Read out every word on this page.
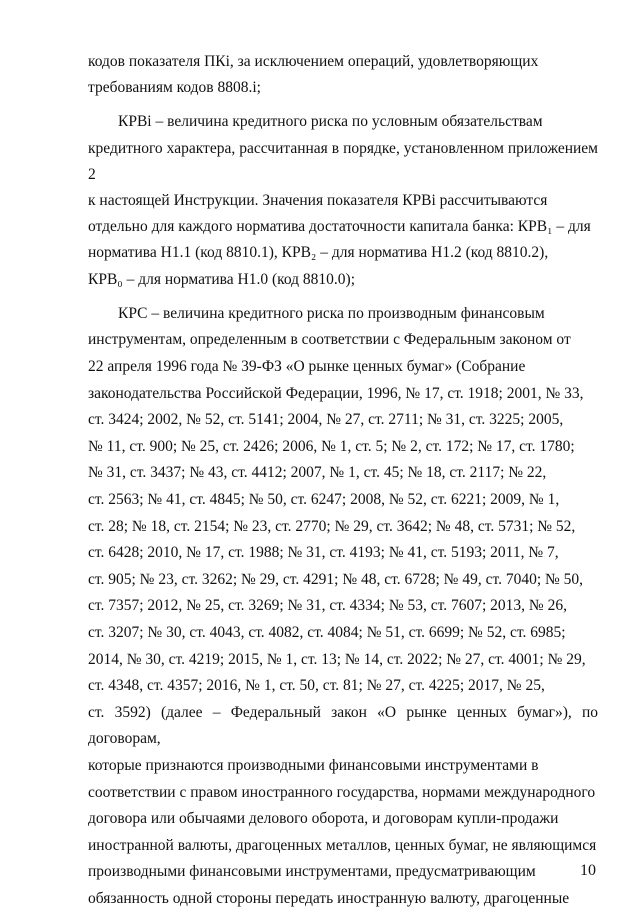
кодов показателя ПКi, за исключением операций, удовлетворяющих
требованиям кодов 8808.i;

КРВi – величина кредитного риска по условным обязательствам
кредитного характера, рассчитанная в порядке, установленном приложением 2
к настоящей Инструкции. Значения показателя КРВi рассчитываются
отдельно для каждого норматива достаточности капитала банка: КРВ₁ – для
норматива Н1.1 (код 8810.1), КРВ₂ – для норматива Н1.2 (код 8810.2),
КРВ₀ – для норматива Н1.0 (код 8810.0);

КРС – величина кредитного риска по производным финансовым
инструментам, определенным в соответствии с Федеральным законом от
22 апреля 1996 года № 39-ФЗ «О рынке ценных бумаг» (Собрание
законодательства Российской Федерации, 1996, № 17, ст. 1918; 2001, № 33,
ст. 3424; 2002, № 52, ст. 5141; 2004, № 27, ст. 2711; № 31, ст. 3225; 2005,
№ 11, ст. 900; № 25, ст. 2426; 2006, № 1, ст. 5; № 2, ст. 172; № 17, ст. 1780;
№ 31, ст. 3437; № 43, ст. 4412; 2007, № 1, ст. 45; № 18, ст. 2117; № 22,
ст. 2563; № 41, ст. 4845; № 50, ст. 6247; 2008, № 52, ст. 6221; 2009, № 1,
ст. 28; № 18, ст. 2154; № 23, ст. 2770; № 29, ст. 3642; № 48, ст. 5731; № 52,
ст. 6428; 2010, № 17, ст. 1988; № 31, ст. 4193; № 41, ст. 5193; 2011, № 7,
ст. 905; № 23, ст. 3262; № 29, ст. 4291; № 48, ст. 6728; № 49, ст. 7040; № 50,
ст. 7357; 2012, № 25, ст. 3269; № 31, ст. 4334; № 53, ст. 7607; 2013, № 26,
ст. 3207; № 30, ст. 4043, ст. 4082, ст. 4084; № 51, ст. 6699; № 52, ст. 6985;
2014, № 30, ст. 4219; 2015, № 1, ст. 13; № 14, ст. 2022; № 27, ст. 4001; № 29,
ст. 4348, ст. 4357; 2016, № 1, ст. 50, ст. 81; № 27, ст. 4225; 2017, № 25,
ст. 3592) (далее – Федеральный закон «О рынке ценных бумаг»), по договорам,
которые признаются производными финансовыми инструментами в
соответствии с правом иностранного государства, нормами международного
договора или обычаями делового оборота, и договорам купли-продажи
иностранной валюты, драгоценных металлов, ценных бумаг, не являющимся
производными финансовыми инструментами, предусматривающим
обязанность одной стороны передать иностранную валюту, драгоценные

10
